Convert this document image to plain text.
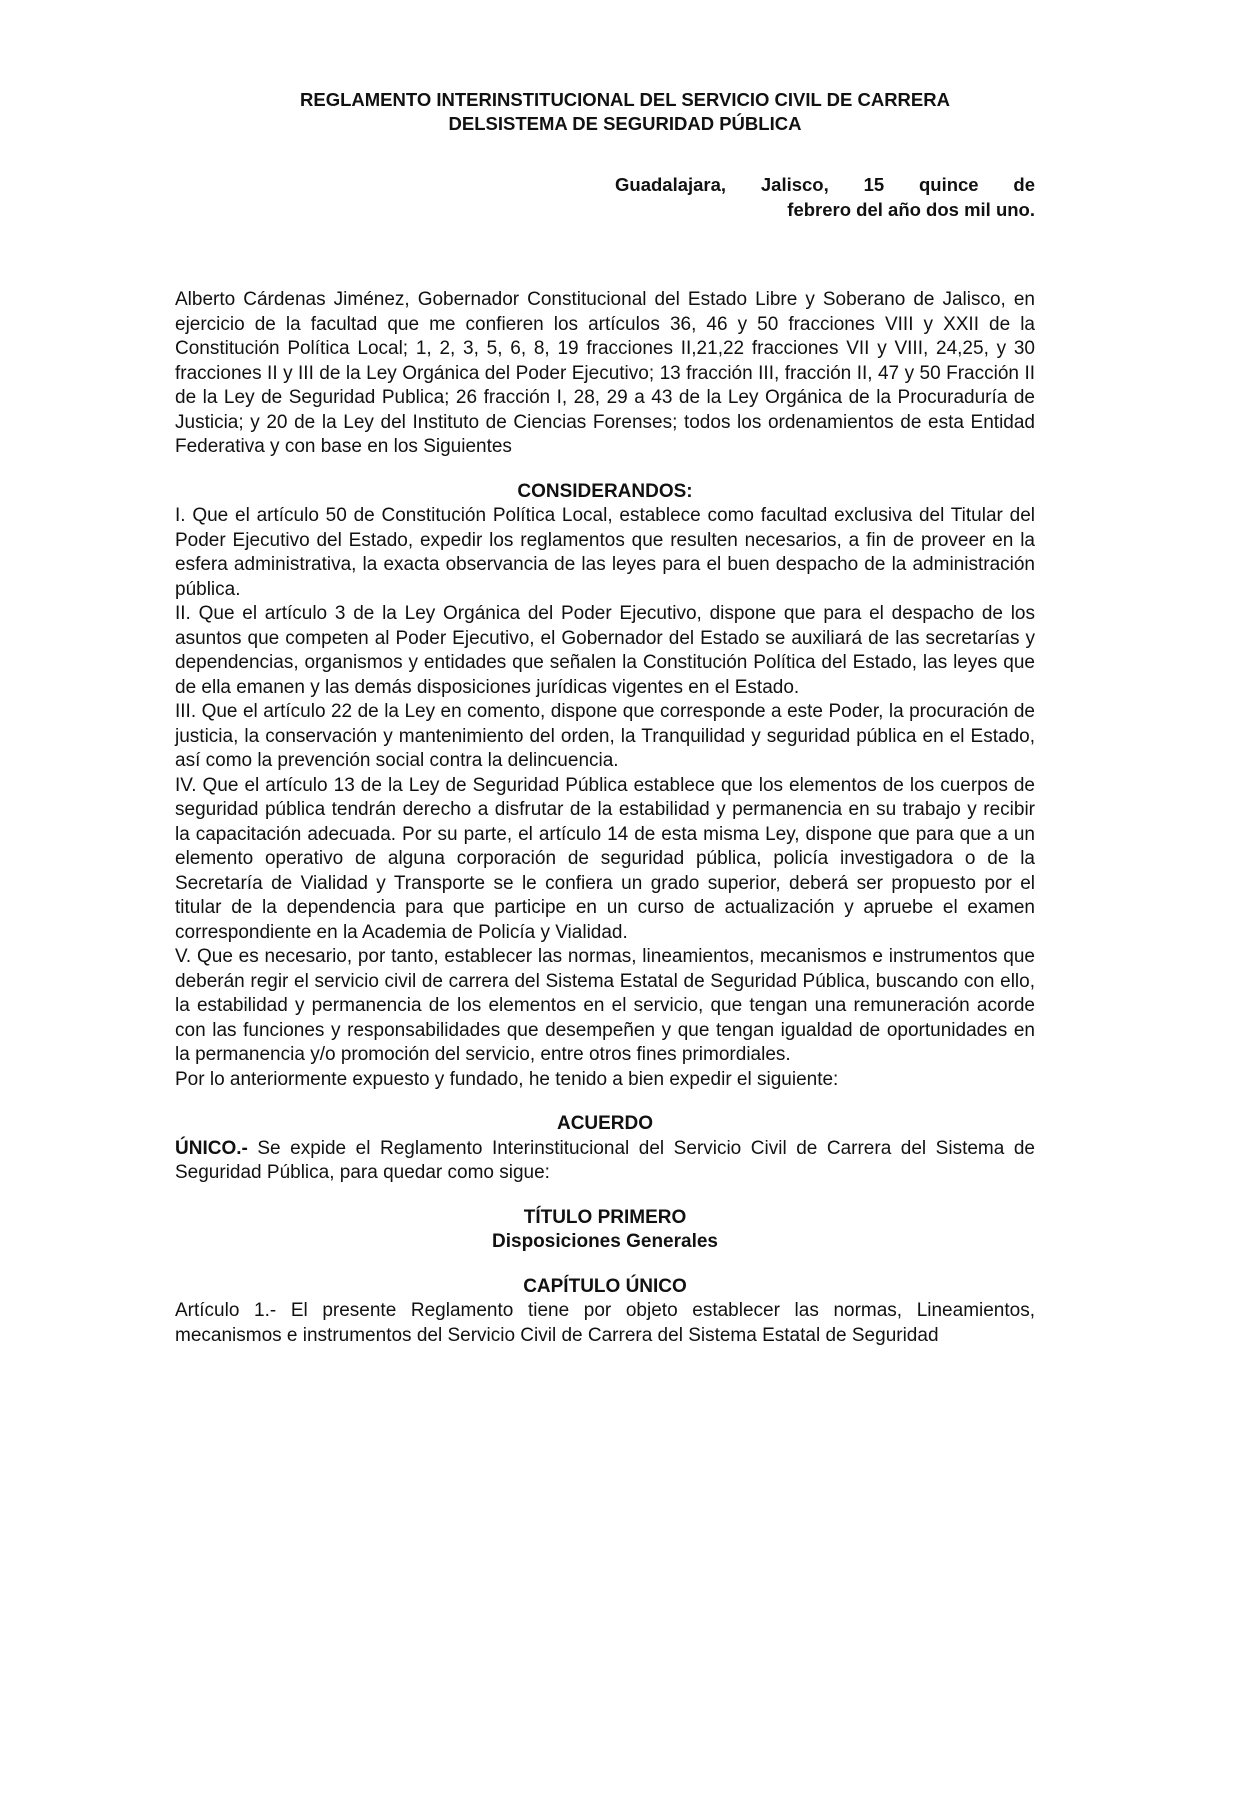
REGLAMENTO INTERINSTITUCIONAL DEL SERVICIO CIVIL DE CARRERA
DELSISTEMA DE SEGURIDAD PÚBLICA
Guadalajara, Jalisco, 15 quince de
febrero del año dos mil uno.

Alberto Cárdenas Jiménez, Gobernador Constitucional del Estado Libre y Soberano de Jalisco, en ejercicio de la facultad que me confieren los artículos 36, 46 y 50 fracciones VIII y XXII de la Constitución Política Local; 1, 2, 3, 5, 6, 8, 19 fracciones II,21,22 fracciones VII y VIII, 24,25, y 30 fracciones II y III de la Ley Orgánica del Poder Ejecutivo; 13 fracción III, fracción II, 47 y 50 Fracción II de la Ley de Seguridad Publica; 26 fracción I, 28, 29 a 43 de la Ley Orgánica de la Procuraduría de Justicia; y 20 de la Ley del Instituto de Ciencias Forenses; todos los ordenamientos de esta Entidad Federativa y con base en los Siguientes

CONSIDERANDOS:

I. Que el artículo 50 de Constitución Política Local, establece como facultad exclusiva del Titular del Poder Ejecutivo del Estado, expedir los reglamentos que resulten necesarios, a fin de proveer en la esfera administrativa, la exacta observancia de las leyes para el buen despacho de la administración pública.

II. Que el artículo 3 de la Ley Orgánica del Poder Ejecutivo, dispone que para el despacho de los asuntos que competen al Poder Ejecutivo, el Gobernador del Estado se auxiliará de las secretarías y dependencias, organismos y entidades que señalen la Constitución Política del Estado, las leyes que de ella emanen y las demás disposiciones jurídicas vigentes en el Estado.

III. Que el artículo 22 de la Ley en comento, dispone que corresponde a este Poder, la procuración de justicia, la conservación y mantenimiento del orden, la Tranquilidad y seguridad pública en el Estado, así como la prevención social contra la delincuencia.

IV. Que el artículo 13 de la Ley de Seguridad Pública establece que los elementos de los cuerpos de seguridad pública tendrán derecho a disfrutar de la estabilidad y permanencia en su trabajo y recibir la capacitación adecuada. Por su parte, el artículo 14 de esta misma Ley, dispone que para que a un elemento operativo de alguna corporación de seguridad pública, policía investigadora o de la Secretaría de Vialidad y Transporte se le confiera un grado superior, deberá ser propuesto por el titular de la dependencia para que participe en un curso de actualización y apruebe el examen correspondiente en la Academia de Policía y Vialidad.

V. Que es necesario, por tanto, establecer las normas, lineamientos, mecanismos e instrumentos que deberán regir el servicio civil de carrera del Sistema Estatal de Seguridad Pública, buscando con ello, la estabilidad y permanencia de los elementos en el servicio, que tengan una remuneración acorde con las funciones y responsabilidades que desempeñen y que tengan igualdad de oportunidades en la permanencia y/o promoción del servicio, entre otros fines primordiales.

Por lo anteriormente expuesto y fundado, he tenido a bien expedir el siguiente:

ACUERDO

ÚNICO.- Se expide el Reglamento Interinstitucional del Servicio Civil de Carrera del Sistema de Seguridad Pública, para quedar como sigue:

TÍTULO PRIMERO
Disposiciones Generales
CAPÍTULO ÚNICO

Artículo 1.- El presente Reglamento tiene por objeto establecer las normas, Lineamientos, mecanismos e instrumentos del Servicio Civil de Carrera del Sistema Estatal de Seguridad
